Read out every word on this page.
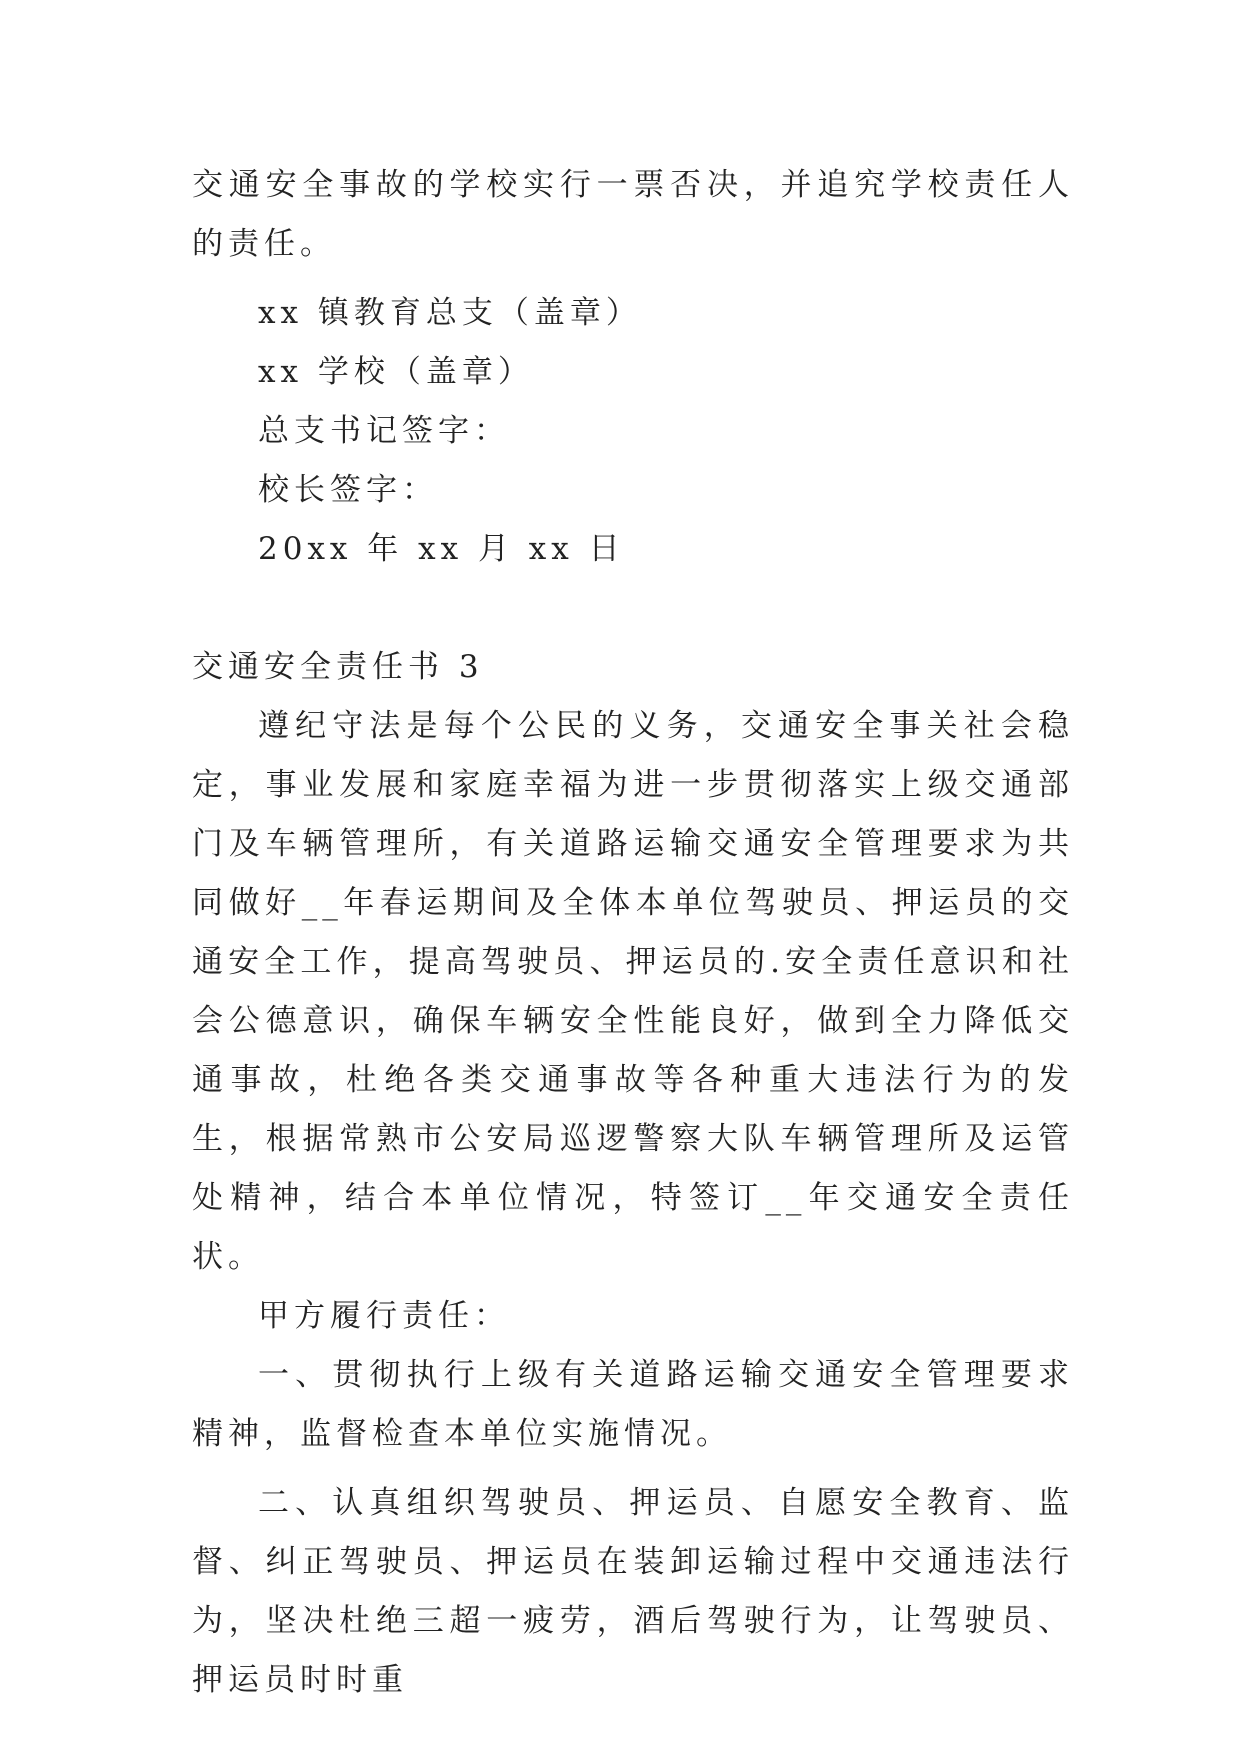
交通安全事故的学校实行一票否决，并追究学校责任人的责任。

xx 镇教育总支（盖章）

xx 学校（盖章）

总支书记签字：

校长签字：

20xx 年 xx 月 xx 日

交通安全责任书 3

遵纪守法是每个公民的义务，交通安全事关社会稳定，事业发展和家庭幸福为进一步贯彻落实上级交通部门及车辆管理所，有关道路运输交通安全管理要求为共同做好__年春运期间及全体本单位驾驶员、押运员的交通安全工作，提高驾驶员、押运员的.安全责任意识和社会公德意识，确保车辆安全性能良好，做到全力降低交通事故，杜绝各类交通事故等各种重大违法行为的发生，根据常熟市公安局巡逻警察大队车辆管理所及运管处精神，结合本单位情况，特签订__年交通安全责任状。

甲方履行责任：

一、贯彻执行上级有关道路运输交通安全管理要求精神，监督检查本单位实施情况。

二、认真组织驾驶员、押运员、自愿安全教育、监督、纠正驾驶员、押运员在装卸运输过程中交通违法行为，坚决杜绝三超一疲劳，酒后驾驶行为，让驾驶员、押运员时时重
